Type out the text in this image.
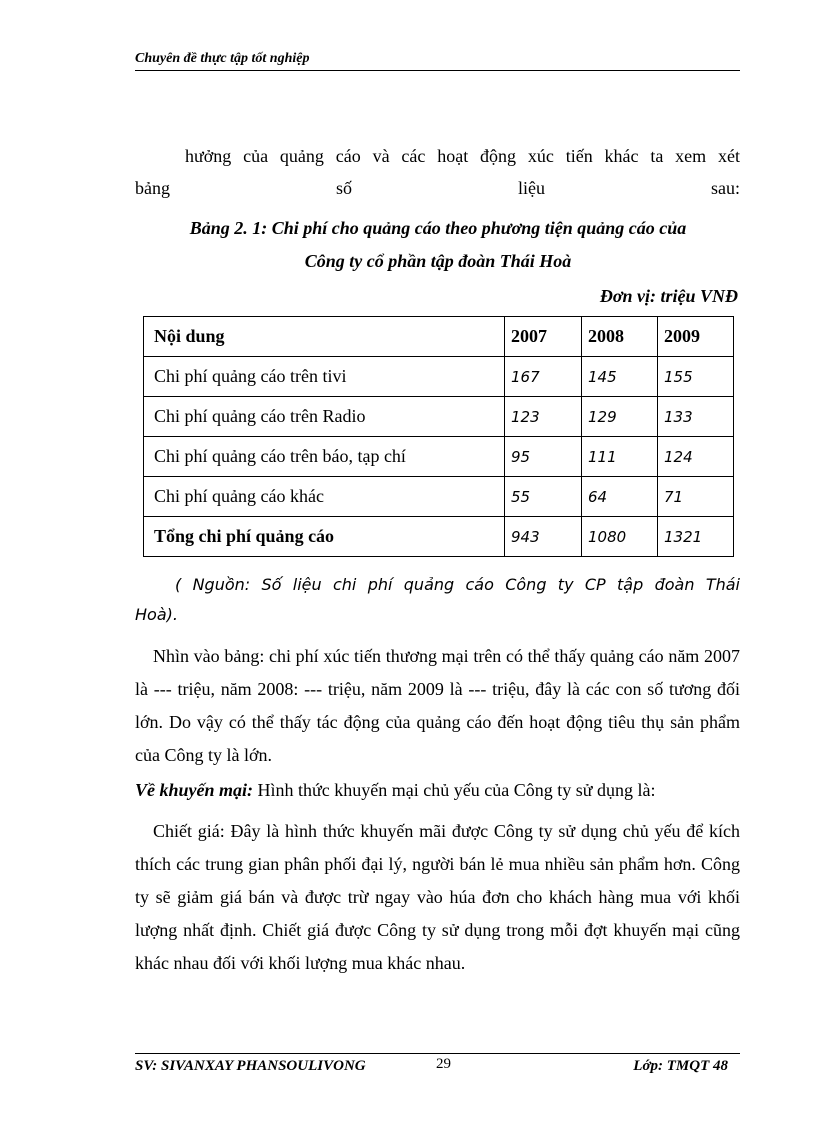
Chuyên đề thực tập tốt nghiệp
hưởng của quảng cáo và các hoạt động xúc tiến khác ta xem xét
bảng số liệu sau:
Bảng 2. 1: Chi phí cho quảng cáo theo phương tiện quảng cáo của
Công ty cổ phần tập đoàn Thái Hoà
Đơn vị: triệu VNĐ
Nội dung	2007	2008	2009
Chi phí quảng cáo trên tivi	167	145	155
Chi phí quảng cáo trên Radio	123	129	133
Chi phí quảng cáo trên báo, tạp chí	95	111	124
Chi phí quảng cáo khác	55	64	71
Tổng chi phí quảng cáo	943	1080	1321
( Nguồn: Số liệu chi phí quảng cáo Công ty CP tập đoàn Thái
Hoà).
Nhìn vào bảng: chi phí xúc tiến thương mại trên có thể thấy quảng cáo năm 2007 là --- triệu, năm 2008: --- triệu, năm 2009 là --- triệu, đây là các con số tương đối lớn. Do vậy có thể thấy tác động của quảng cáo đến hoạt động tiêu thụ sản phẩm của Công ty là lớn.
Về khuyến mại: Hình thức khuyến mại chủ yếu của Công ty sử dụng là:
Chiết giá: Đây là hình thức khuyến mãi được Công ty sử dụng chủ yếu để kích thích các trung gian phân phối đại lý, người bán lẻ mua nhiều sản phẩm hơn. Công ty sẽ giảm giá bán và được trừ ngay vào húa đơn cho khách hàng mua với khối lượng nhất định. Chiết giá được Công ty sử dụng trong mỗi đợt khuyến mại cũng khác nhau đối với khối lượng mua khác nhau.
SV: SIVANXAY PHANSOULIVONG	29	Lớp: TMQT 48
